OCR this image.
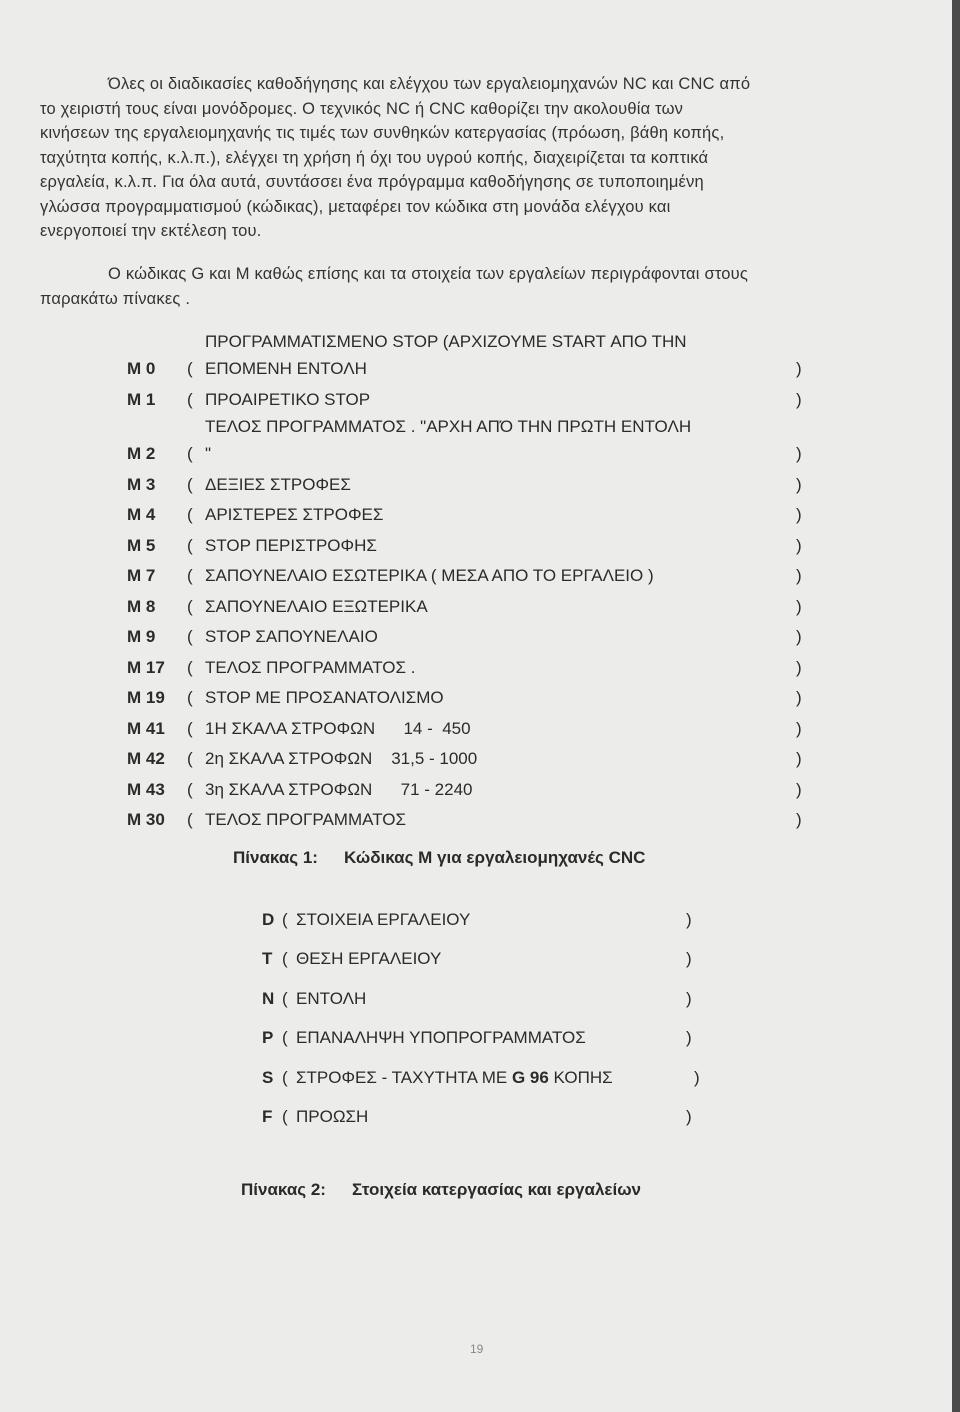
Όλες οι διαδικασίες καθοδήγησης και ελέγχου των εργαλειομηχανών NC και CNC από
το χειριστή τους είναι μονόδρομες. Ο τεχνικός NC ή CNC καθορίζει την ακολουθία των
κινήσεων της εργαλειομηχανής τις τιμές των συνθηκών κατεργασίας (πρόωση, βάθη κοπής,
ταχύτητα κοπής, κ.λ.π.), ελέγχει τη χρήση ή όχι του υγρού κοπής, διαχειρίζεται τα κοπτικά
εργαλεία, κ.λ.π. Για όλα αυτά, συντάσσει ένα πρόγραμμα καθοδήγησης σε τυποποιημένη
γλώσσα προγραμματισμού (κώδικας), μεταφέρει τον κώδικα στη μονάδα ελέγχου και
ενεργοποιεί την εκτέλεση του.
Ο κώδικας G και M καθώς επίσης και τα στοιχεία των εργαλείων περιγράφονται στους
παρακάτω πίνακες .
ΠΡΟΓΡΑΜΜΑΤΙΣΜΕΝΟ STOP (ΑΡΧΙΖΟΥΜΕ START ΑΠΟ ΤΗΝ
M 0	( ΕΠΟΜΕΝΗ ΕΝΤΟΛΗ	)
M 1	( ΠΡΟΑΙΡΕΤΙΚΟ STOP	)
ΤΕΛΟΣ ΠΡΟΓΡΑΜΜΑΤΟΣ . "ΑΡΧΗ ΑΠΌ ΤΗΝ ΠΡΩΤΗ ΕΝΤΟΛΗ
M 2	( "	)
M 3	( ΔΕΞΙΕΣ ΣΤΡΟΦΕΣ	)
M 4	( ΑΡΙΣΤΕΡΕΣ ΣΤΡΟΦΕΣ	)
M 5	( STOP ΠΕΡΙΣΤΡΟΦΗΣ	)
M 7	( ΣΑΠΟΥΝΕΛΑΙΟ ΕΣΩΤΕΡΙΚΑ ( ΜΕΣΑ ΑΠΟ ΤΟ ΕΡΓΑΛΕΙΟ )	)
M 8	( ΣΑΠΟΥΝΕΛΑΙΟ ΕΞΩΤΕΡΙΚΑ	)
M 9	( STOP ΣΑΠΟΥΝΕΛΑΙΟ	)
M 17	( ΤΕΛΟΣ ΠΡΟΓΡΑΜΜΑΤΟΣ .	)
M 19	( STOP ΜΕ ΠΡΟΣΑΝΑΤΟΛΙΣΜΟ	)
M 41	( 1Η ΣΚΑΛΑ ΣΤΡΟΦΩΝ      14 -  450	)
M 42	( 2η ΣΚΑΛΑ ΣΤΡΟΦΩΝ    31,5 - 1000	)
M 43	( 3η ΣΚΑΛΑ ΣΤΡΟΦΩΝ      71 - 2240	)
M 30	( ΤΕΛΟΣ ΠΡΟΓΡΑΜΜΑΤΟΣ	)
Πίνακας 1: Κώδικας M για εργαλειομηχανές CNC
D ( ΣΤΟΙΧΕΙΑ ΕΡΓΑΛΕΙΟΥ	)
T ( ΘΕΣΗ ΕΡΓΑΛΕΙΟΥ	)
N ( ΕΝΤΟΛΗ	)
P ( ΕΠΑΝΑΛΗΨΗ ΥΠΟΠΡΟΓΡΑΜΜΑΤΟΣ	)
S ( ΣΤΡΟΦΕΣ - ΤΑΧΥΤΗΤΑ ΜΕ G 96 ΚΟΠΗΣ	)
F ( ΠΡΟΩΣΗ	)
Πίνακας 2: Στοιχεία κατεργασίας και εργαλείων
19
